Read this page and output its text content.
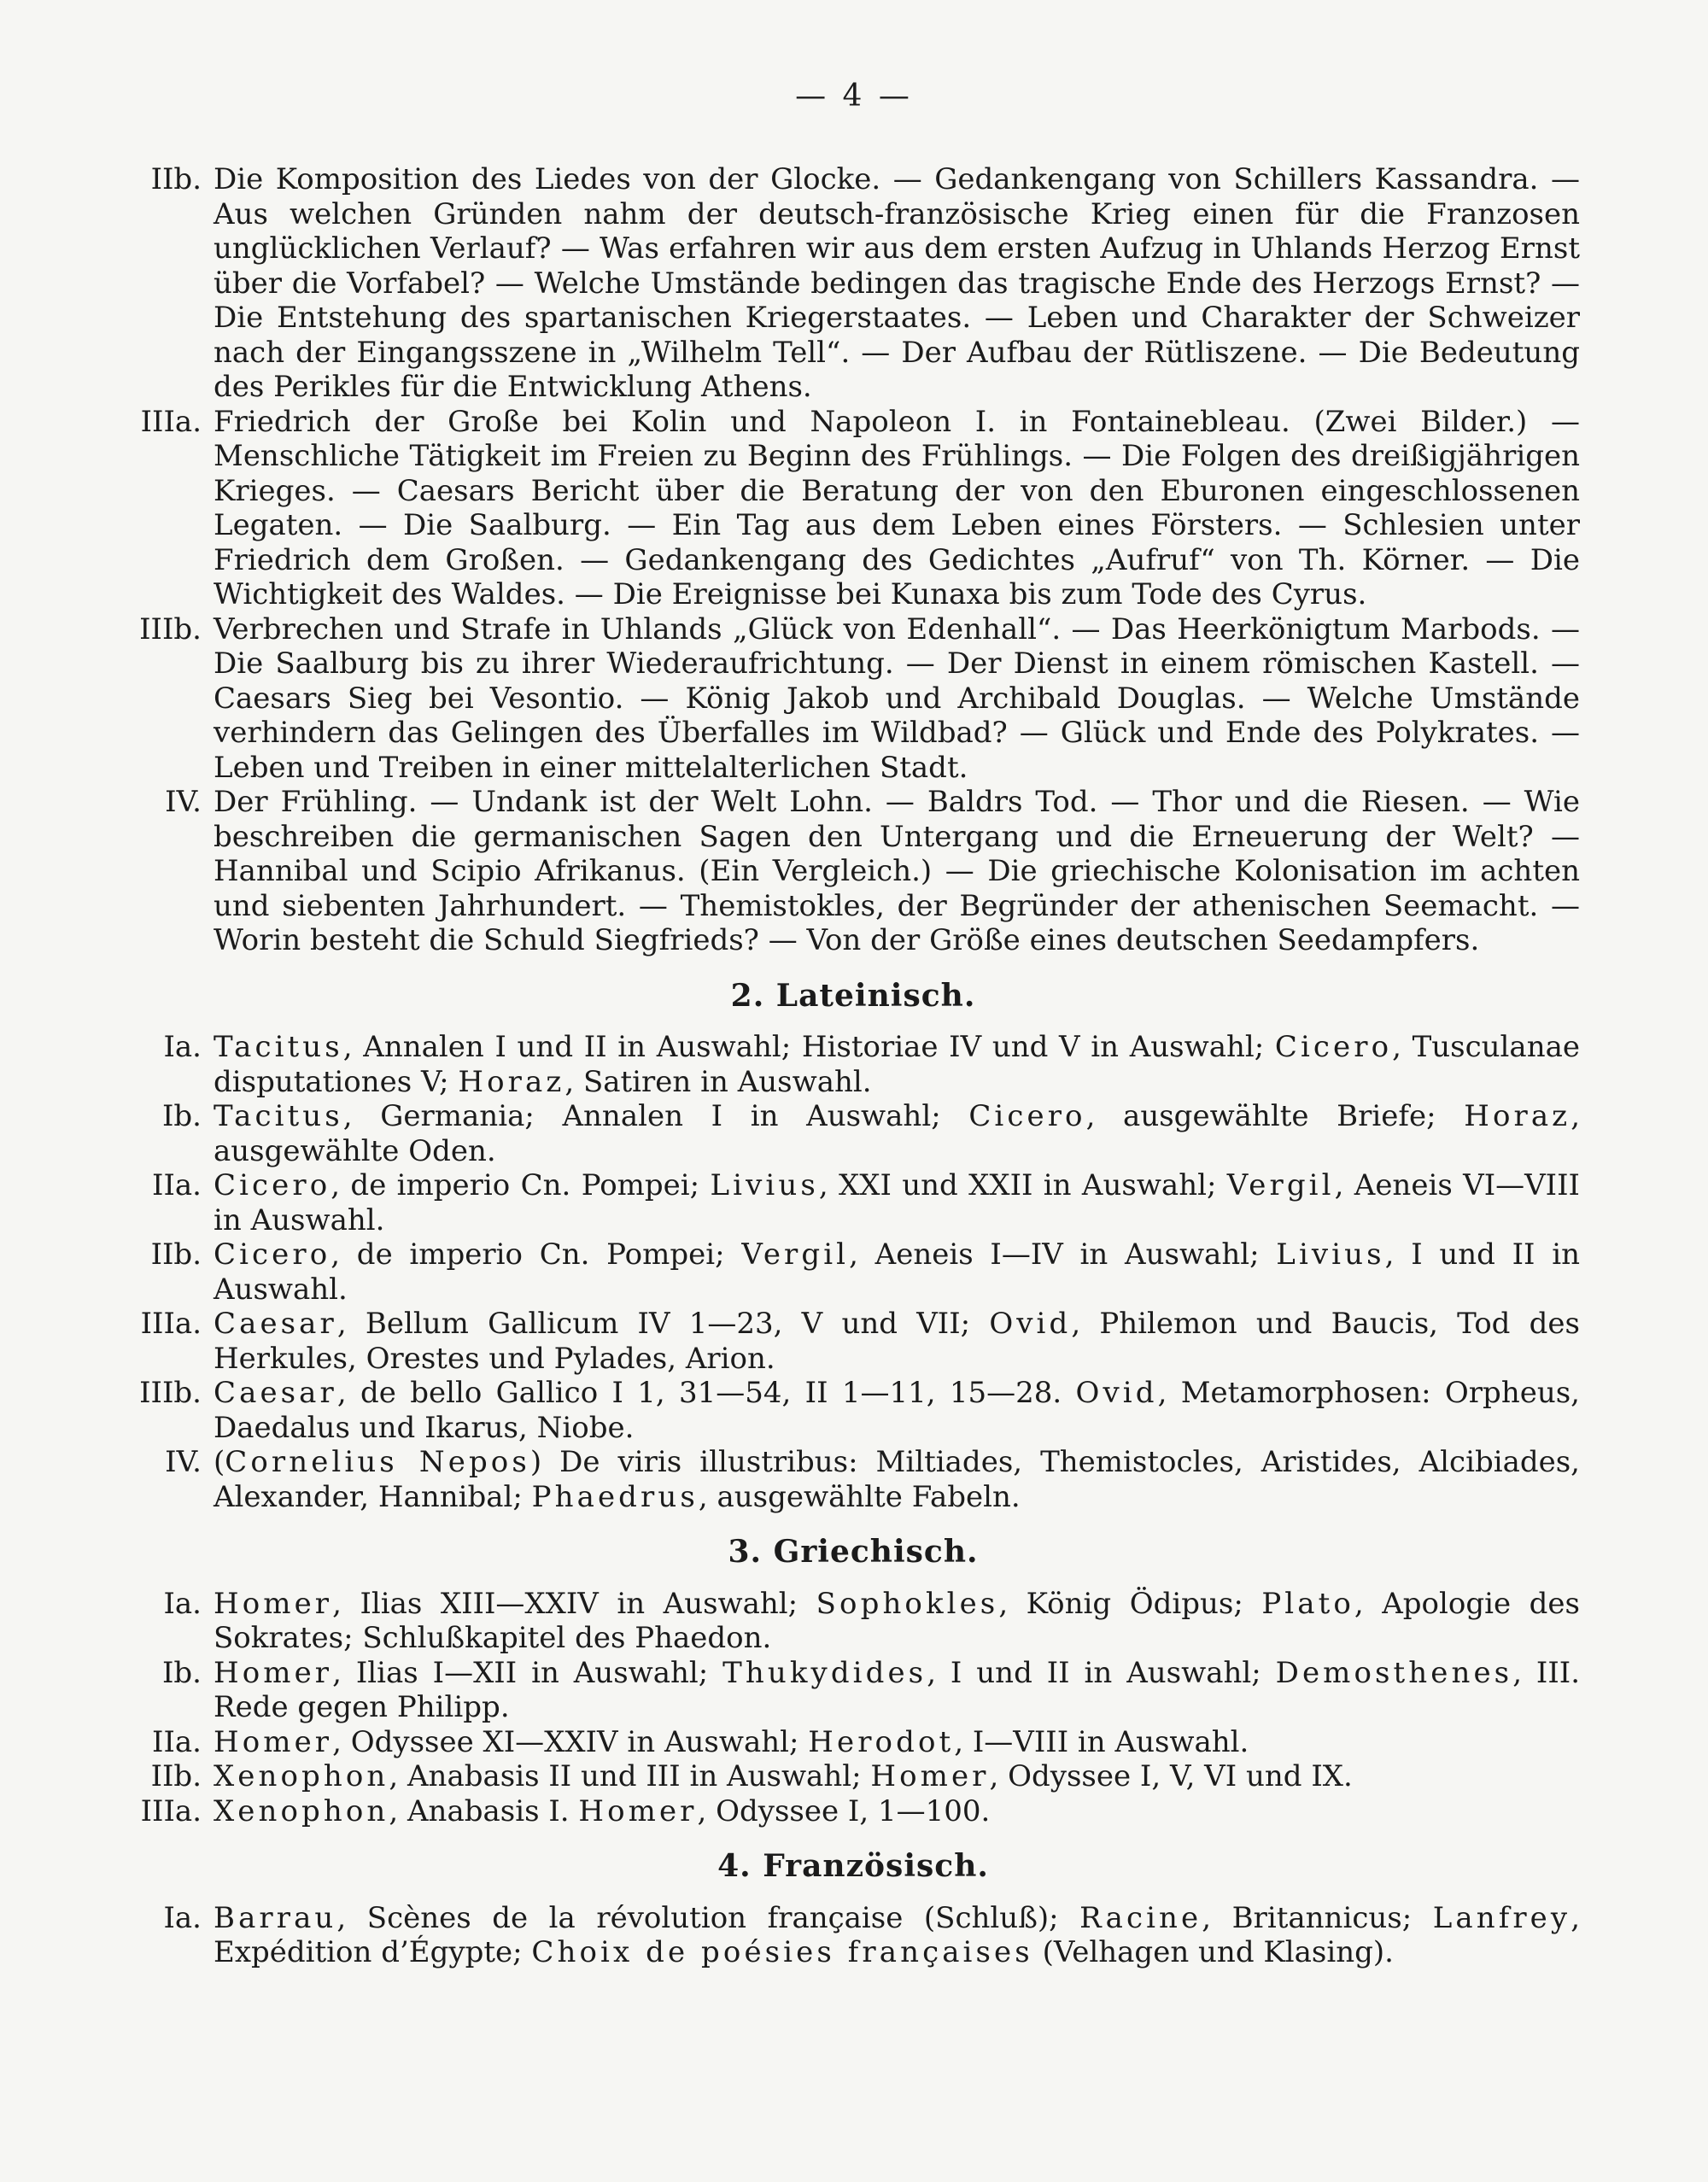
— 4 —
IIb. Die Komposition des Liedes von der Glocke. — Gedankengang von Schillers Kassandra. — Aus welchen Gründen nahm der deutsch-französische Krieg einen für die Franzosen unglücklichen Verlauf? — Was erfahren wir aus dem ersten Aufzug in Uhlands Herzog Ernst über die Vorfabel? — Welche Umstände bedingen das tragische Ende des Herzogs Ernst? — Die Entstehung des spartanischen Kriegerstaates. — Leben und Charakter der Schweizer nach der Eingangsszene in „Wilhelm Tell“. — Der Aufbau der Rütliszene. — Die Bedeutung des Perikles für die Entwicklung Athens.
IIIa. Friedrich der Große bei Kolin und Napoleon I. in Fontainebleau. (Zwei Bilder.) — Menschliche Tätigkeit im Freien zu Beginn des Frühlings. — Die Folgen des dreißigjährigen Krieges. — Caesars Bericht über die Beratung der von den Eburonen eingeschlossenen Legaten. — Die Saalburg. — Ein Tag aus dem Leben eines Försters. — Schlesien unter Friedrich dem Großen. — Gedankengang des Gedichtes „Aufruf“ von Th. Körner. — Die Wichtigkeit des Waldes. — Die Ereignisse bei Kunaxa bis zum Tode des Cyrus.
IIIb. Verbrechen und Strafe in Uhlands „Glück von Edenhall“. — Das Heerkönigtum Marbods. — Die Saalburg bis zu ihrer Wiederaufrichtung. — Der Dienst in einem römischen Kastell. — Caesars Sieg bei Vesontio. — König Jakob und Archibald Douglas. — Welche Umstände verhindern das Gelingen des Überfalles im Wildbad? — Glück und Ende des Polykrates. — Leben und Treiben in einer mittelalterlichen Stadt.
IV. Der Frühling. — Undank ist der Welt Lohn. — Baldrs Tod. — Thor und die Riesen. — Wie beschreiben die germanischen Sagen den Untergang und die Erneuerung der Welt? — Hannibal und Scipio Afrikanus. (Ein Vergleich.) — Die griechische Kolonisation im achten und siebenten Jahrhundert. — Themistokles, der Begründer der athenischen Seemacht. — Worin besteht die Schuld Siegfrieds? — Von der Größe eines deutschen Seedampfers.
2. Lateinisch.
Ia. Tacitus, Annalen I und II in Auswahl; Historiae IV und V in Auswahl; Cicero, Tusculanae disputationes V; Horaz, Satiren in Auswahl.
Ib. Tacitus, Germania; Annalen I in Auswahl; Cicero, ausgewählte Briefe; Horaz, ausgewählte Oden.
IIa. Cicero, de imperio Cn. Pompei; Livius, XXI und XXII in Auswahl; Vergil, Aeneis VI—VIII in Auswahl.
IIb. Cicero, de imperio Cn. Pompei; Vergil, Aeneis I—IV in Auswahl; Livius, I und II in Auswahl.
IIIa. Caesar, Bellum Gallicum IV 1—23, V und VII; Ovid, Philemon und Baucis, Tod des Herkules, Orestes und Pylades, Arion.
IIIb. Caesar, de bello Gallico I 1, 31—54, II 1—11, 15—28. Ovid, Metamorphosen: Orpheus, Daedalus und Ikarus, Niobe.
IV. (Cornelius Nepos) De viris illustribus: Miltiades, Themistocles, Aristides, Alcibiades, Alexander, Hannibal; Phaedrus, ausgewählte Fabeln.
3. Griechisch.
Ia. Homer, Ilias XIII—XXIV in Auswahl; Sophokles, König Ödipus; Plato, Apologie des Sokrates; Schlußkapitel des Phaedon.
Ib. Homer, Ilias I—XII in Auswahl; Thukydides, I und II in Auswahl; Demosthenes, III. Rede gegen Philipp.
IIa. Homer, Odyssee XI—XXIV in Auswahl; Herodot, I—VIII in Auswahl.
IIb. Xenophon, Anabasis II und III in Auswahl; Homer, Odyssee I, V, VI und IX.
IIIa. Xenophon, Anabasis I. Homer, Odyssee I, 1—100.
4. Französisch.
Ia. Barrau, Scènes de la révolution française (Schluß); Racine, Britannicus; Lanfrey, Expédition d’Égypte; Choix de poésies françaises (Velhagen und Klasing).
